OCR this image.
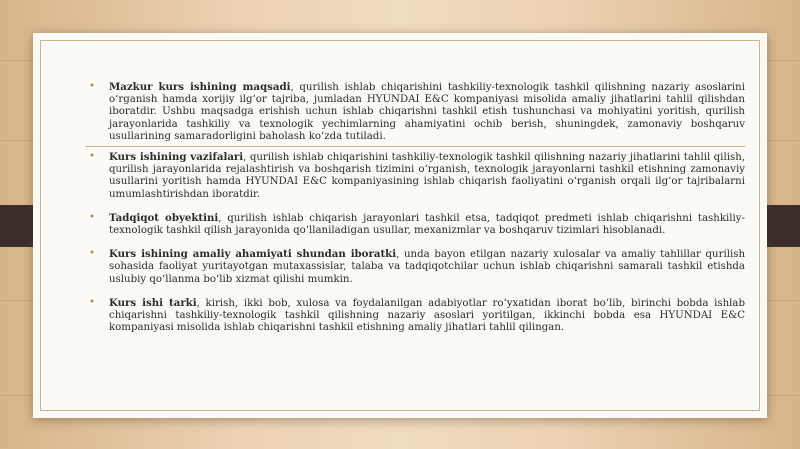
• Mazkur kurs ishining maqsadi, qurilish ishlab chiqarishini tashkiliy-texnologik tashkil qilishning nazariy asoslarini o‘rganish hamda xorijiy ilg‘or tajriba, jumladan HYUNDAI E&C kompaniyasi misolida amaliy jihatlarini tahlil qilishdan iboratdir. Ushbu maqsadga erishish uchun ishlab chiqarishni tashkil etish tushunchasi va mohiyatini yoritish, qurilish jarayonlarida tashkiliy va texnologik yechimlarning ahamiyatini ochib berish, shuningdek, zamonaviy boshqaruv usullarining samaradorligini baholash ko‘zda tutiladi.

• Kurs ishining vazifalari, qurilish ishlab chiqarishini tashkiliy-texnologik tashkil qilishning nazariy jihatlarini tahlil qilish, qurilish jarayonlarida rejalashtirish va boshqarish tizimini o‘rganish, texnologik jarayonlarni tashkil etishning zamonaviy usullarini yoritish hamda HYUNDAI E&C kompaniyasining ishlab chiqarish faoliyatini o‘rganish orqali ilg‘or tajribalarni umumlashtirishdan iboratdir.

• Tadqiqot obyektini, qurilish ishlab chiqarish jarayonlari tashkil etsa, tadqiqot predmeti ishlab chiqarishni tashkiliy-texnologik tashkil qilish jarayonida qo‘llaniladigan usullar, mexanizmlar va boshqaruv tizimlari hisoblanadi.

• Kurs ishining amaliy ahamiyati shundan iboratki, unda bayon etilgan nazariy xulosalar va amaliy tahlillar qurilish sohasida faoliyat yuritayotgan mutaxassislar, talaba va tadqiqotchilar uchun ishlab chiqarishni samarali tashkil etishda uslubiy qo‘llanma bo‘lib xizmat qilishi mumkin.

• Kurs ishi tarki, kirish, ikki bob, xulosa va foydalanilgan adabiyotlar ro‘yxatidan iborat bo‘lib, birinchi bobda ishlab chiqarishni tashkiliy-texnologik tashkil qilishning nazariy asoslari yoritilgan, ikkinchi bobda esa HYUNDAI E&C kompaniyasi misolida ishlab chiqarishni tashkil etishning amaliy jihatlari tahlil qilingan.
